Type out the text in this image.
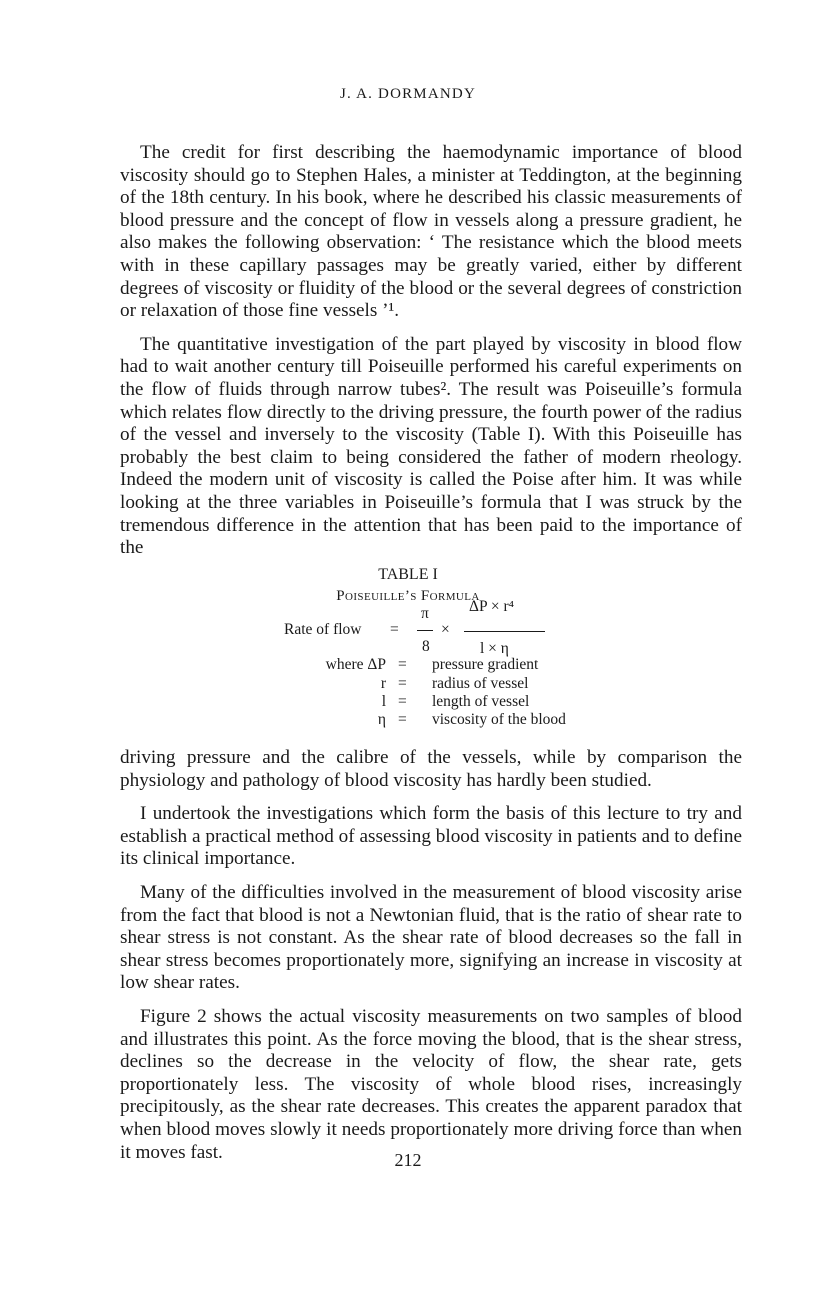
J. A. DORMANDY

The credit for first describing the haemodynamic importance of blood viscosity should go to Stephen Hales, a minister at Teddington, at the beginning of the 18th century. In his book, where he described his classic measurements of blood pressure and the concept of flow in vessels along a pressure gradient, he also makes the following observation: ‘ The resistance which the blood meets with in these capillary passages may be greatly varied, either by different degrees of viscosity or fluidity of the blood or the several degrees of constriction or relaxation of those fine vessels ’¹.

The quantitative investigation of the part played by viscosity in blood flow had to wait another century till Poiseuille performed his careful experiments on the flow of fluids through narrow tubes². The result was Poiseuille’s formula which relates flow directly to the driving pressure, the fourth power of the radius of the vessel and inversely to the viscosity (Table I). With this Poiseuille has probably the best claim to being considered the father of modern rheology. Indeed the modern unit of viscosity is called the Poise after him. It was while looking at the three variables in Poiseuille’s formula that I was struck by the tremendous difference in the attention that has been paid to the importance of the

TABLE I
Poiseuille’s Formula
Rate of flow =
π
8
×
ΔP × r⁴
l × η
where ΔP = pressure gradient
r = radius of vessel
l = length of vessel
η = viscosity of the blood

driving pressure and the calibre of the vessels, while by comparison the physiology and pathology of blood viscosity has hardly been studied.

I undertook the investigations which form the basis of this lecture to try and establish a practical method of assessing blood viscosity in patients and to define its clinical importance.

Many of the difficulties involved in the measurement of blood viscosity arise from the fact that blood is not a Newtonian fluid, that is the ratio of shear rate to shear stress is not constant. As the shear rate of blood decreases so the fall in shear stress becomes proportionately more, signifying an increase in viscosity at low shear rates.

Figure 2 shows the actual viscosity measurements on two samples of blood and illustrates this point. As the force moving the blood, that is the shear stress, declines so the decrease in the velocity of flow, the shear rate, gets proportionately less. The viscosity of whole blood rises, increasingly precipitously, as the shear rate decreases. This creates the apparent paradox that when blood moves slowly it needs proportionately more driving force than when it moves fast.	212
